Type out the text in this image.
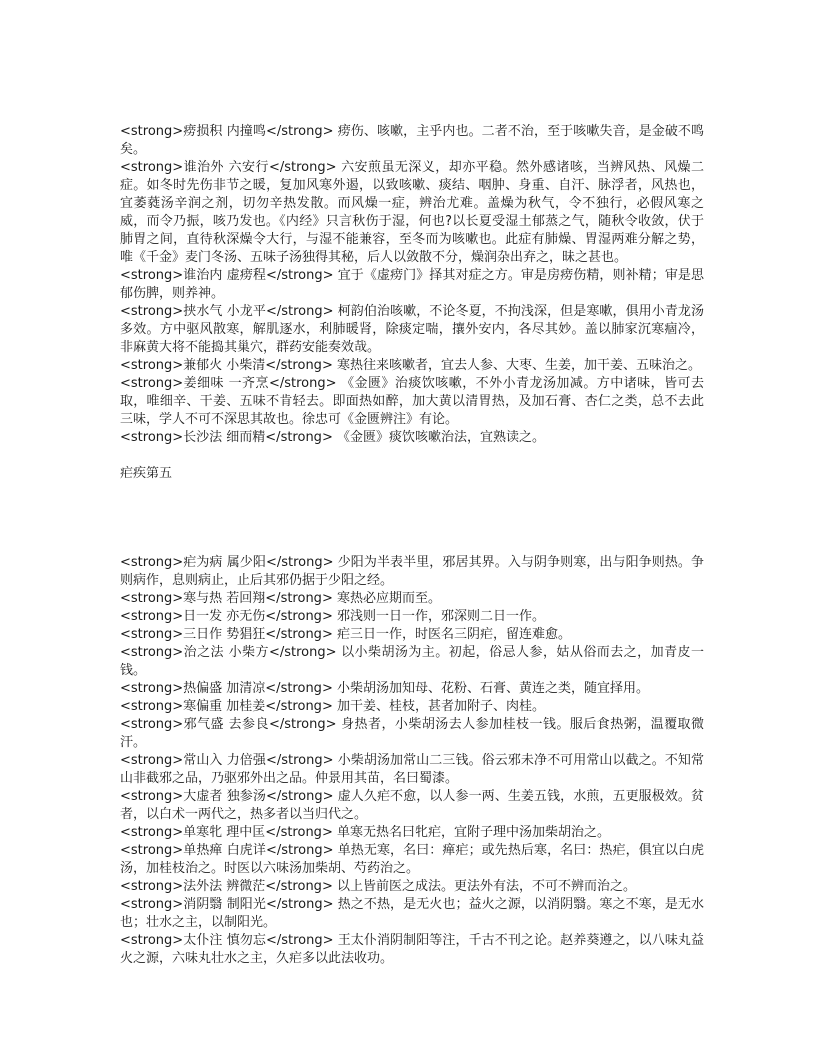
<strong>痨损积 内撞鸣</strong> 痨伤、咳嗽，主乎内也。二者不治，至于咳嗽失音，是金破不鸣矣。

<strong>谁治外 六安行</strong> 六安煎虽无深义，却亦平稳。然外感诸咳，当辨风热、风燥二症。如冬时先伤非节之暖，复加风寒外遏，以致咳嗽、痰结、咽肿、身重、自汗、脉浮者，风热也，宜萎蕤汤辛润之剂，切勿辛热发散。而风燥一症，辨治尤难。盖燥为秋气，令不独行，必假风寒之威，而令乃振，咳乃发也。《内经》只言秋伤于湿，何也?以长夏受湿土郁蒸之气，随秋令收敛，伏于肺胃之间，直待秋深燥令大行，与湿不能兼容，至冬而为咳嗽也。此症有肺燥、胃湿两难分解之势，唯《千金》麦门冬汤、五味子汤独得其秘，后人以敛散不分，燥润杂出弃之，昧之甚也。

<strong>谁治内 虚痨程</strong> 宜于《虚痨门》择其对症之方。审是房痨伤精，则补精；审是思郁伤脾，则养神。

<strong>挟水气 小龙平</strong> 柯韵伯治咳嗽，不论冬夏，不拘浅深，但是寒嗽，俱用小青龙汤多效。方中驱风散寒，解肌逐水，利肺暖肾，除痰定喘，攘外安内，各尽其妙。盖以肺家沉寒痼冷，非麻黄大将不能捣其巢穴，群药安能奏效哉。

<strong>兼郁火 小柴清</strong> 寒热往来咳嗽者，宜去人参、大枣、生姜，加干姜、五味治之。

<strong>姜细味 一齐烹</strong> 《金匮》治痰饮咳嗽，不外小青龙汤加减。方中诸味，皆可去取，唯细辛、干姜、五味不肯轻去。即面热如醉，加大黄以清胃热，及加石膏、杏仁之类，总不去此三味，学人不可不深思其故也。徐忠可《金匮辨注》有论。

<strong>长沙法 细而精</strong> 《金匮》痰饮咳嗽治法，宜熟读之。

疟疾第五

<strong>疟为病 属少阳</strong> 少阳为半表半里，邪居其界。入与阴争则寒，出与阳争则热。争则病作，息则病止，止后其邪仍据于少阳之经。

<strong>寒与热 若回翔</strong> 寒热必应期而至。

<strong>日一发 亦无伤</strong> 邪浅则一日一作，邪深则二日一作。

<strong>三日作 势猖狂</strong> 疟三日一作，时医名三阴疟，留连难愈。

<strong>治之法 小柴方</strong> 以小柴胡汤为主。初起，俗忌人参，姑从俗而去之，加青皮一钱。

<strong>热偏盛 加清凉</strong> 小柴胡汤加知母、花粉、石膏、黄连之类，随宜择用。

<strong>寒偏重 加桂姜</strong> 加干姜、桂枝，甚者加附子、肉桂。

<strong>邪气盛 去参良</strong> 身热者，小柴胡汤去人参加桂枝一钱。服后食热粥，温覆取微汗。

<strong>常山入 力倍强</strong> 小柴胡汤加常山二三钱。俗云邪未净不可用常山以截之。不知常山非截邪之品，乃驱邪外出之品。仲景用其苗，名曰蜀漆。

<strong>大虚者 独参汤</strong> 虚人久疟不愈，以人参一两、生姜五钱，水煎，五更服极效。贫者，以白术一两代之，热多者以当归代之。

<strong>单寒牝 理中匡</strong> 单寒无热名曰牝疟，宜附子理中汤加柴胡治之。

<strong>单热瘅 白虎详</strong> 单热无寒，名曰：瘅疟；或先热后寒，名曰：热疟，俱宜以白虎汤，加桂枝治之。时医以六味汤加柴胡、芍药治之。

<strong>法外法 辨微茫</strong> 以上皆前医之成法。更法外有法，不可不辨而治之。

<strong>消阴翳 制阳光</strong> 热之不热，是无火也；益火之源，以消阴翳。寒之不寒，是无水也；壮水之主，以制阳光。

<strong>太仆注 慎勿忘</strong> 王太仆消阴制阳等注，千古不刊之论。赵养葵遵之，以八味丸益火之源，六味丸壮水之主，久疟多以此法收功。
